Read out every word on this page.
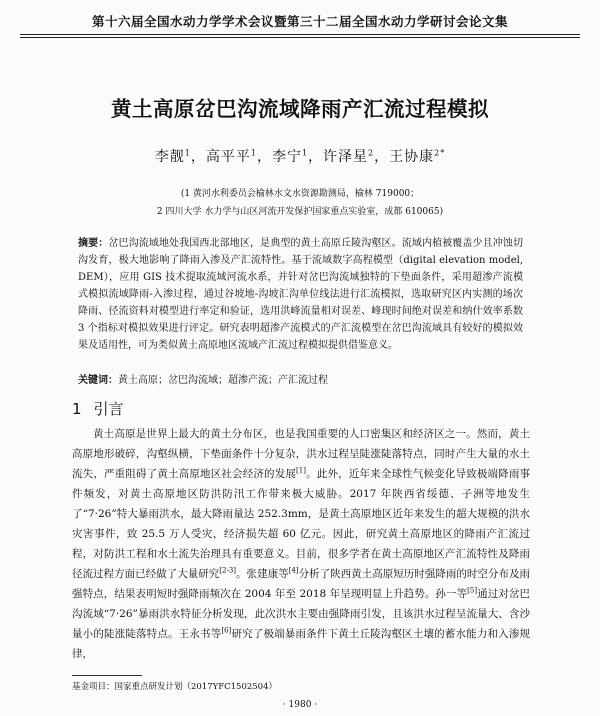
第十六届全国水动力学学术会议暨第三十二届全国水动力学研讨会论文集
黄土高原岔巴沟流域降雨产汇流过程模拟
李靓$^1$，高平平$^1$，李宁$^1$，许泽星$^2$，王协康$^{2*}$
(1 黄河水利委员会榆林水文水资源勘测局，榆林 719000；
2 四川大学 水力学与山区河流开发保护国家重点实验室，成都 610065)

摘要：岔巴沟流域地处我国西北部地区，是典型的黄土高原丘陵沟壑区。流域内植被覆盖少且冲蚀切沟发育，极大地影响了降雨入渗及产汇流特性。基于流域数字高程模型（digital elevation model, DEM），应用 GIS 技术提取流域河流水系，并针对岔巴沟流域独特的下垫面条件，采用超渗产流模式模拟流域降雨-入渗过程，通过谷坡地-沟坡汇沟单位线法进行汇流模拟，选取研究区内实测的场次降雨、径流资料对模型进行率定和验证，选用洪峰流量相对误差、峰现时间绝对误差和纳什效率系数 3 个指标对模拟效果进行评定。研究表明超渗产流模式的产汇流模型在岔巴沟流域具有较好的模拟效果及适用性，可为类似黄土高原地区流域产汇流过程模拟提供借鉴意义。

关键词：黄土高原；岔巴沟流域；超渗产流；产汇流过程

1 引言

黄土高原是世界上最大的黄土分布区，也是我国重要的人口密集区和经济区之一。然而，黄土高原地形破碎，沟壑纵横，下垫面条件十分复杂，洪水过程呈陡涨陡落特点，同时产生大量的水土流失，严重阻碍了黄土高原地区社会经济的发展[1]。此外，近年来全球性气候变化导致极端降雨事件频发，对黄土高原地区防洪防汛工作带来极大威胁。2017 年陕西省绥德、子洲等地发生了“7·26”特大暴雨洪水，最大降雨量达 252.3mm，是黄土高原地区近年来发生的超大规模的洪水灾害事件，致 25.5 万人受灾，经济损失超 60 亿元。因此，研究黄土高原地区的降雨产汇流过程，对防洪工程和水土流失治理具有重要意义。目前，很多学者在黄土高原地区产汇流特性及降雨径流过程方面已经做了大量研究[2-3]。张建康等[4]分析了陕西黄土高原短历时强降雨的时空分布及雨强特点，结果表明短时强降雨频次在 2004 年至 2018 年呈现明显上升趋势。孙一等[5]通过对岔巴沟流域“7·26”暴雨洪水特征分析发现，此次洪水主要由强降雨引发，且该洪水过程呈流量大、含沙量小的陡涨陡落特点。王永书等[6]研究了极端暴雨条件下黄土丘陵沟壑区土壤的蓄水能力和入渗规律，

基金项目：国家重点研发计划（2017YFC1502504）
· 1980 ·
